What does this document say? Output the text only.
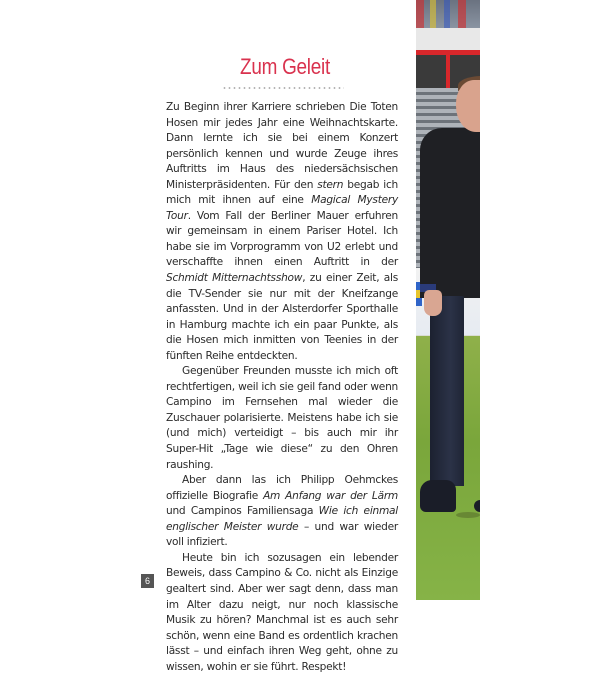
Zum Geleit

Zu Beginn ihrer Karriere schrieben Die Toten Hosen mir jedes Jahr eine Weihnachtskarte. Dann lernte ich sie bei einem Konzert persönlich kennen und wurde Zeuge ihres Auftritts im Haus des niedersächsischen Ministerpräsidenten. Für den stern begab ich mich mit ihnen auf eine Magical Mystery Tour. Vom Fall der Berliner Mauer erfuhren wir gemeinsam in einem Pariser Hotel. Ich habe sie im Vorprogramm von U2 erlebt und verschaffte ihnen einen Auftritt in der Schmidt Mitternachtsshow, zu einer Zeit, als die TV-Sender sie nur mit der Kneifzange anfassten. Und in der Alsterdorfer Sporthalle in Hamburg machte ich ein paar Punkte, als die Hosen mich inmitten von Teenies in der fünften Reihe entdeckten.

Gegenüber Freunden musste ich mich oft rechtfertigen, weil ich sie geil fand oder wenn Campino im Fernsehen mal wieder die Zuschauer polarisierte. Meistens habe ich sie (und mich) verteidigt – bis auch mir ihr Super-Hit „Tage wie diese“ zu den Ohren raushing.

Aber dann las ich Philipp Oehmckes offizielle Biografie Am Anfang war der Lärm und Campinos Familiensaga Wie ich einmal englischer Meister wurde – und war wieder voll infiziert.

Heute bin ich sozusagen ein lebender Beweis, dass Campino & Co. nicht als Einzige gealtert sind. Aber wer sagt denn, dass man im Alter dazu neigt, nur noch klassische Musik zu hören? Manchmal ist es auch sehr schön, wenn eine Band es ordentlich krachen lässt – und einfach ihren Weg geht, ohne zu wissen, wohin er sie führt. Respekt!

6
